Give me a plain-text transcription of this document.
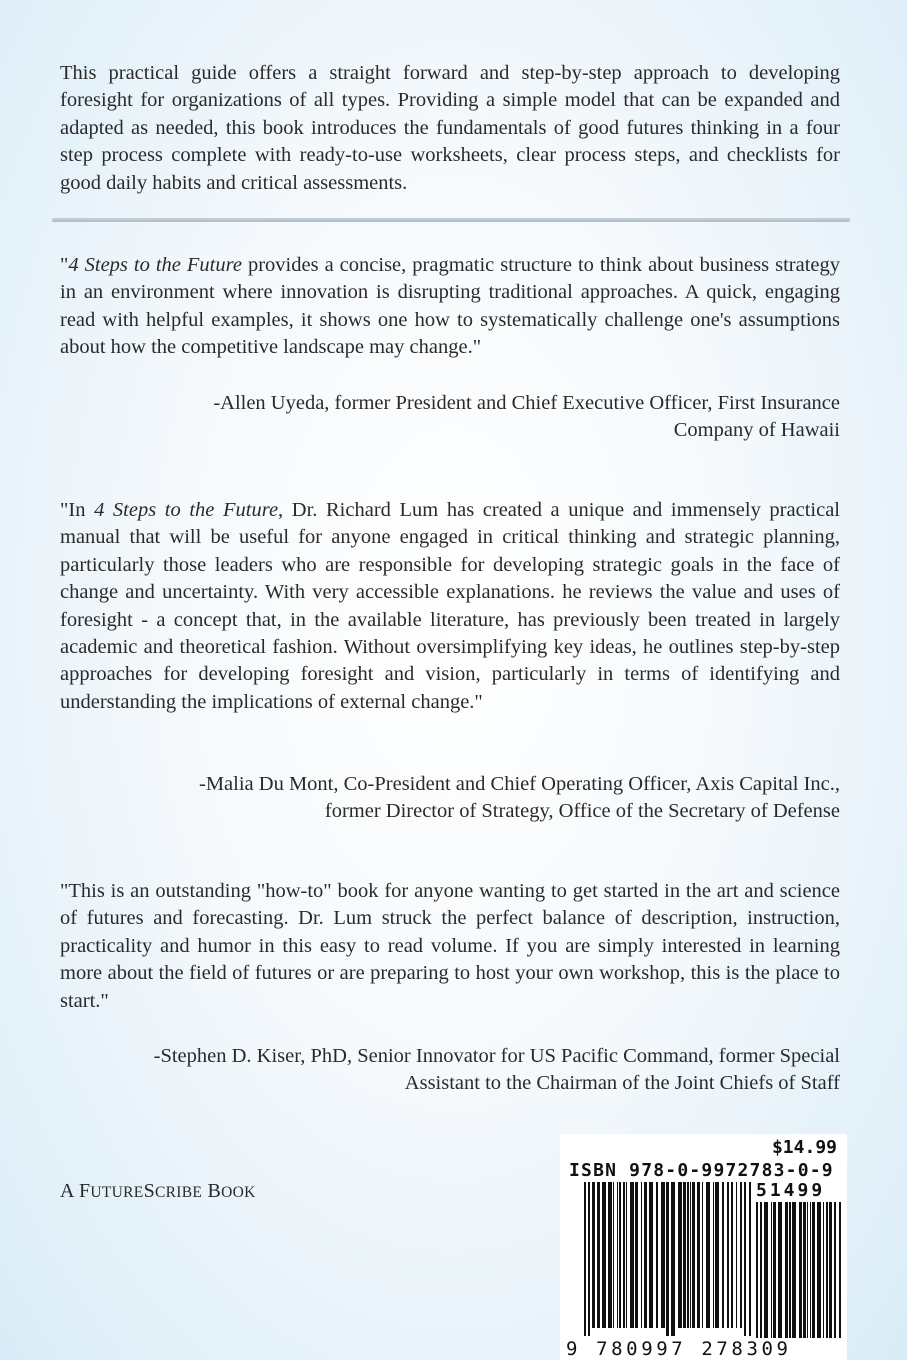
This practical guide offers a straight forward and step-by-step approach to developing foresight for organizations of all types. Providing a simple model that can be expanded and adapted as needed, this book introduces the fundamentals of good futures thinking in a four step process complete with ready-to-use worksheets, clear process steps, and checklists for good daily habits and critical assessments.

"4 Steps to the Future provides a concise, pragmatic structure to think about business strategy in an environment where innovation is disrupting traditional approaches. A quick, engaging read with helpful examples, it shows one how to systematically challenge one's assumptions about how the competitive landscape may change."

-Allen Uyeda, former President and Chief Executive Officer, First Insurance
Company of Hawaii

"In 4 Steps to the Future, Dr. Richard Lum has created a unique and immensely practical manual that will be useful for anyone engaged in critical thinking and strategic planning, particularly those leaders who are responsible for developing strategic goals in the face of change and uncertainty. With very accessible explanations. he reviews the value and uses of foresight - a concept that, in the available literature, has previously been treated in largely academic and theoretical fashion. Without oversimplifying key ideas, he outlines step-by-step approaches for developing foresight and vision, particularly in terms of identifying and understanding the implications of external change."

-Malia Du Mont, Co-President and Chief Operating Officer, Axis Capital Inc.,
former Director of Strategy, Office of the Secretary of Defense

"This is an outstanding "how-to" book for anyone wanting to get started in the art and science of futures and forecasting. Dr. Lum struck the perfect balance of description, instruction, practicality and humor in this easy to read volume. If you are simply interested in learning more about the field of futures or are preparing to host your own workshop, this is the place to start."

-Stephen D. Kiser, PhD, Senior Innovator for US Pacific Command, former Special
Assistant to the Chairman of the Joint Chiefs of Staff

A FUTURESCRIBE BOOK
$14.99
ISBN 978-0-9972783-0-9
51499
9 780997 278309
